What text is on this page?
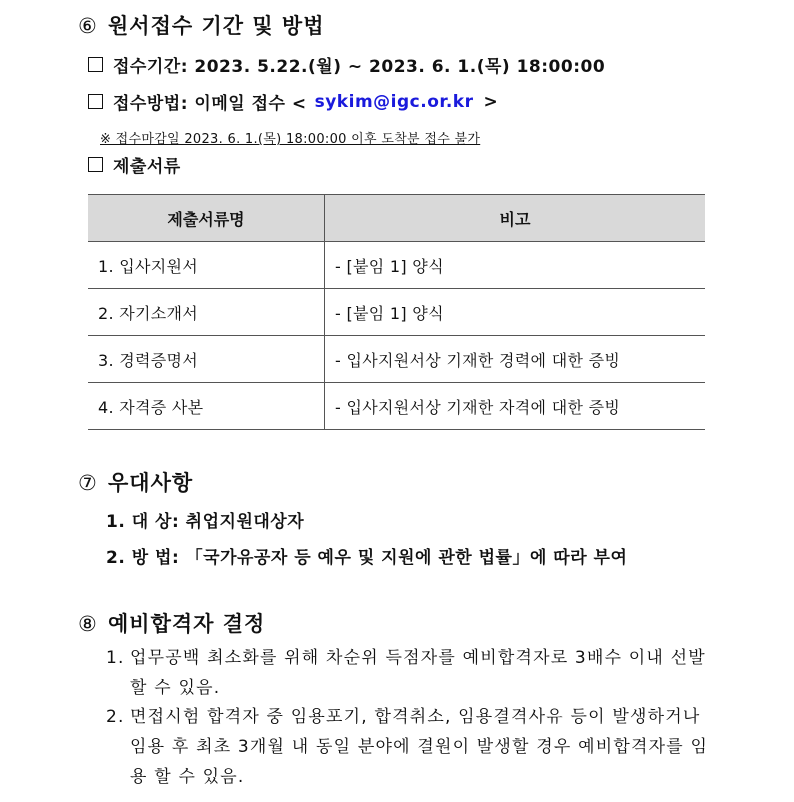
⑥ 원서접수 기간 및 방법
접수기간: 2023. 5.22.(월) ~ 2023. 6. 1.(목) 18:00:00
접수방법: 이메일 접수 < sykim@igc.or.kr >
※ 접수마감일 2023. 6. 1.(목) 18:00:00 이후 도착분 접수 불가
제출서류
제출서류명	비고
1. 입사지원서	- [붙임 1] 양식
2. 자기소개서	- [붙임 1] 양식
3. 경력증명서	- 입사지원서상 기재한 경력에 대한 증빙
4. 자격증 사본	- 입사지원서상 기재한 자격에 대한 증빙
⑦ 우대사항
1. 대 상: 취업지원대상자
2. 방 법: 「국가유공자 등 예우 및 지원에 관한 법률」에 따라 부여
⑧ 예비합격자 결정
1. 업무공백 최소화를 위해 차순위 득점자를 예비합격자로 3배수 이내 선발할 수 있음.
2. 면접시험 합격자 중 임용포기, 합격취소, 임용결격사유 등이 발생하거나 임용 후 최초 3개월 내 동일 분야에 결원이 발생할 경우 예비합격자를 임용 할 수 있음.
